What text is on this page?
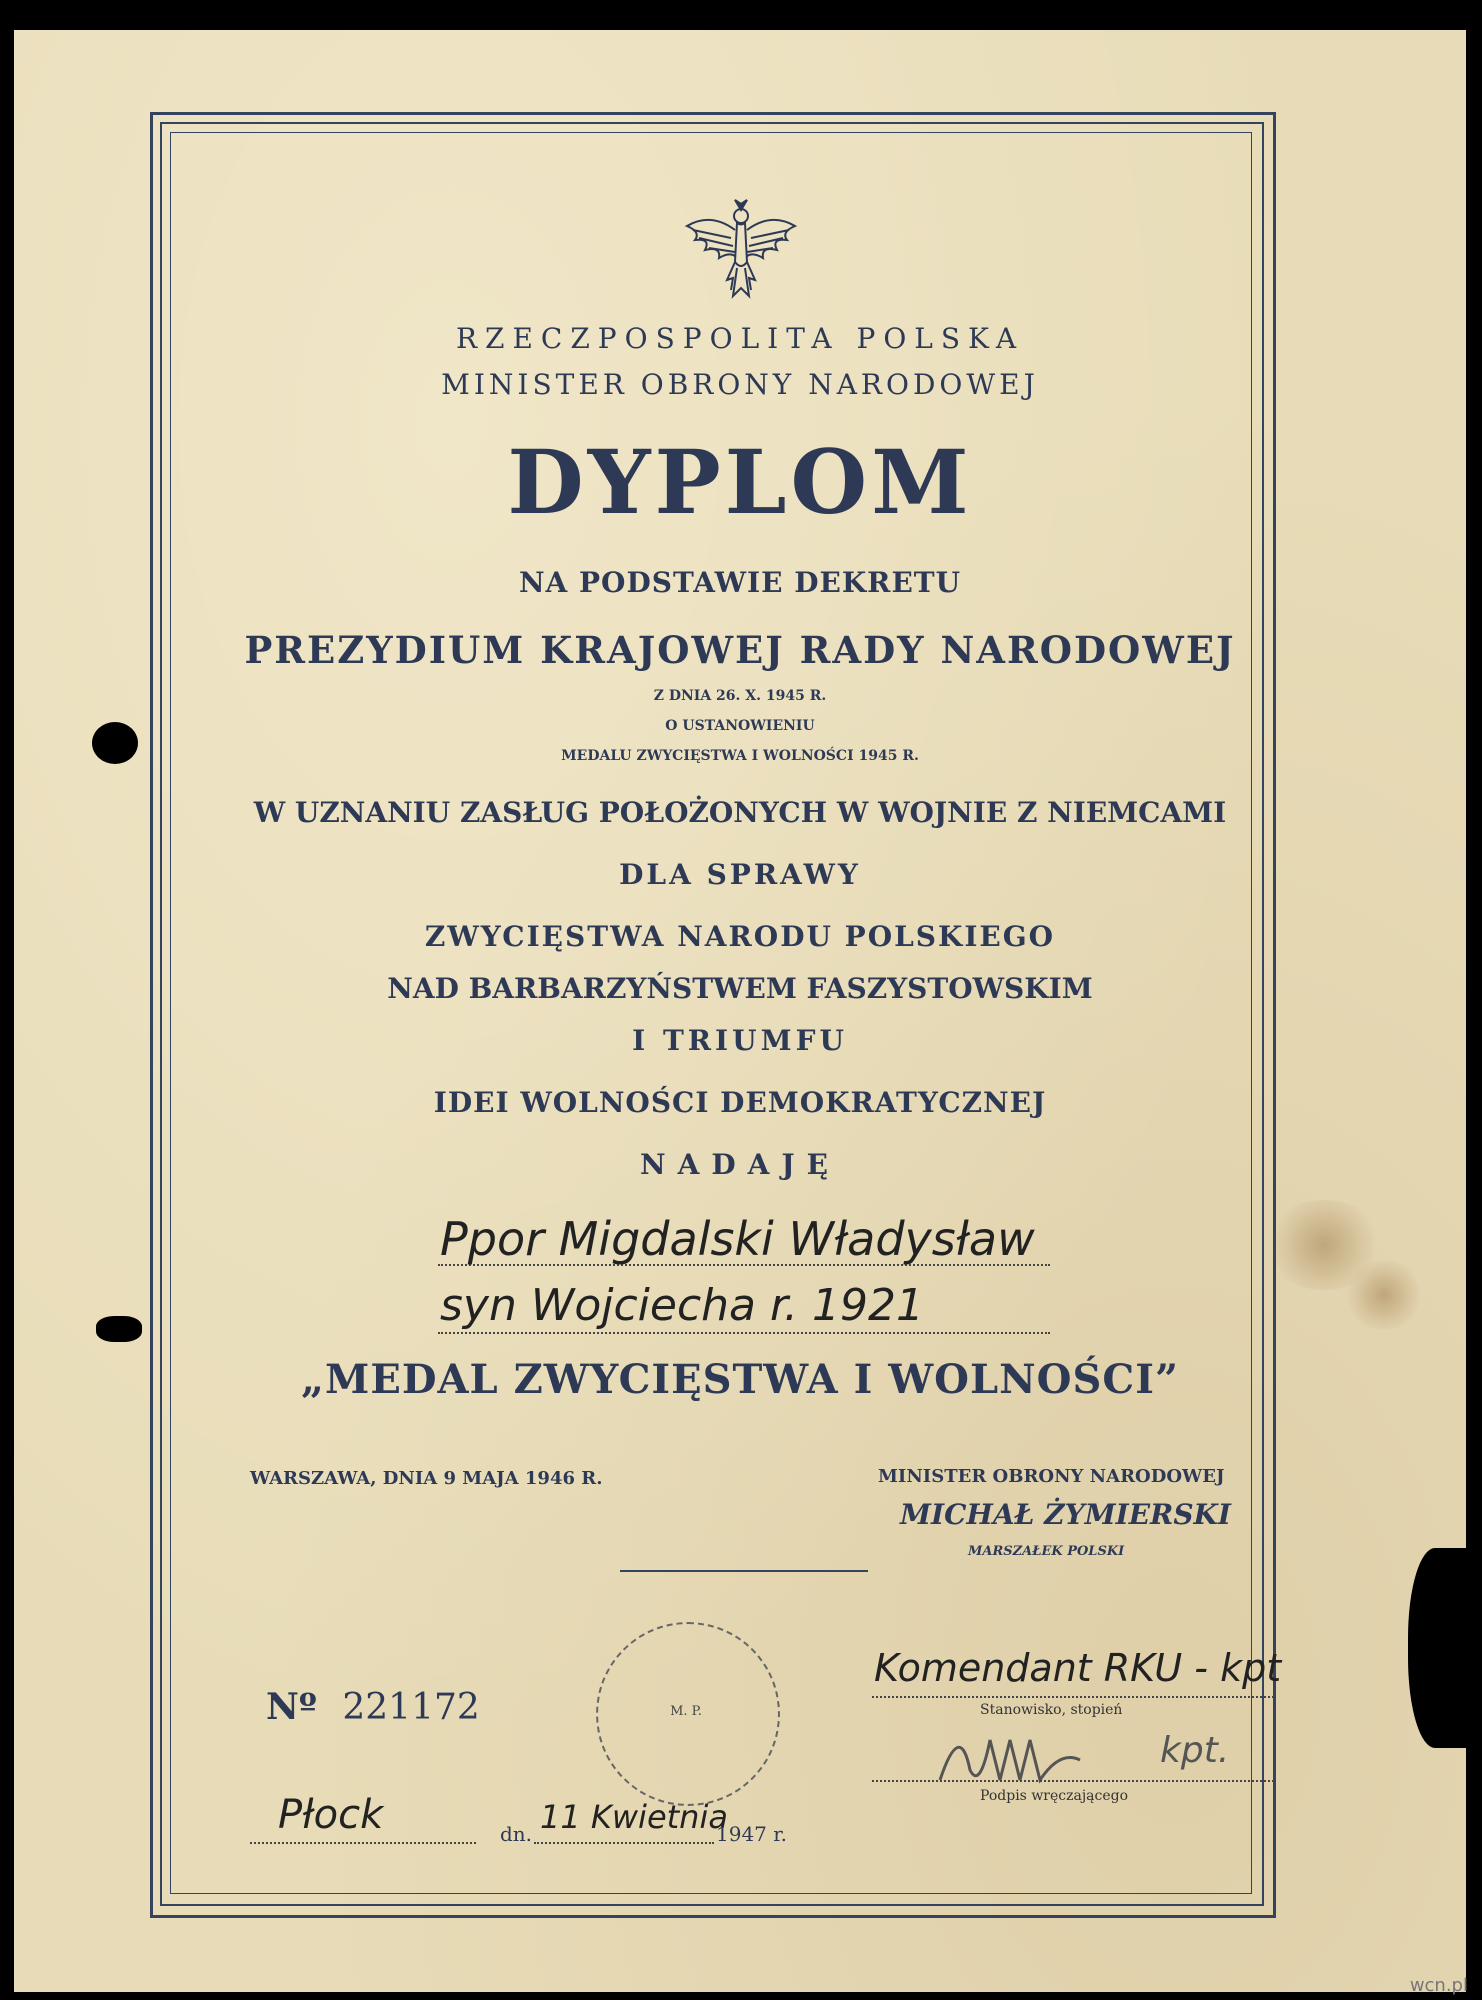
RZECZPOSPOLITA POLSKA
MINISTER OBRONY NARODOWEJ
DYPLOM
NA PODSTAWIE DEKRETU
PREZYDIUM KRAJOWEJ RADY NARODOWEJ
Z DNIA 26. X. 1945 R.
O USTANOWIENIU
MEDALU ZWYCIĘSTWA I WOLNOŚCI 1945 R.
W UZNANIU ZASŁUG POŁOŻONYCH W WOJNIE Z NIEMCAMI
DLA SPRAWY
ZWYCIĘSTWA NARODU POLSKIEGO
NAD BARBARZYŃSTWEM FASZYSTOWSKIM
I TRIUMFU
IDEI WOLNOŚCI DEMOKRATYCZNEJ
NADAJĘ
Ppor Migdalski Władysław
syn Wojciecha r. 1921
„MEDAL ZWYCIĘSTWA I WOLNOŚCI”
WARSZAWA, DNIA 9 MAJA 1946 R.	MINISTER OBRONY NARODOWEJ
MICHAŁ ŻYMIERSKI
MARSZAŁEK POLSKI
Nº 221172	M. P.
Komendant RKU - kpt
Stanowisko, stopień
kpt.
Podpis wręczającego
Płock	dn. 11 Kwietnia
1947 r.
wcn.pl
